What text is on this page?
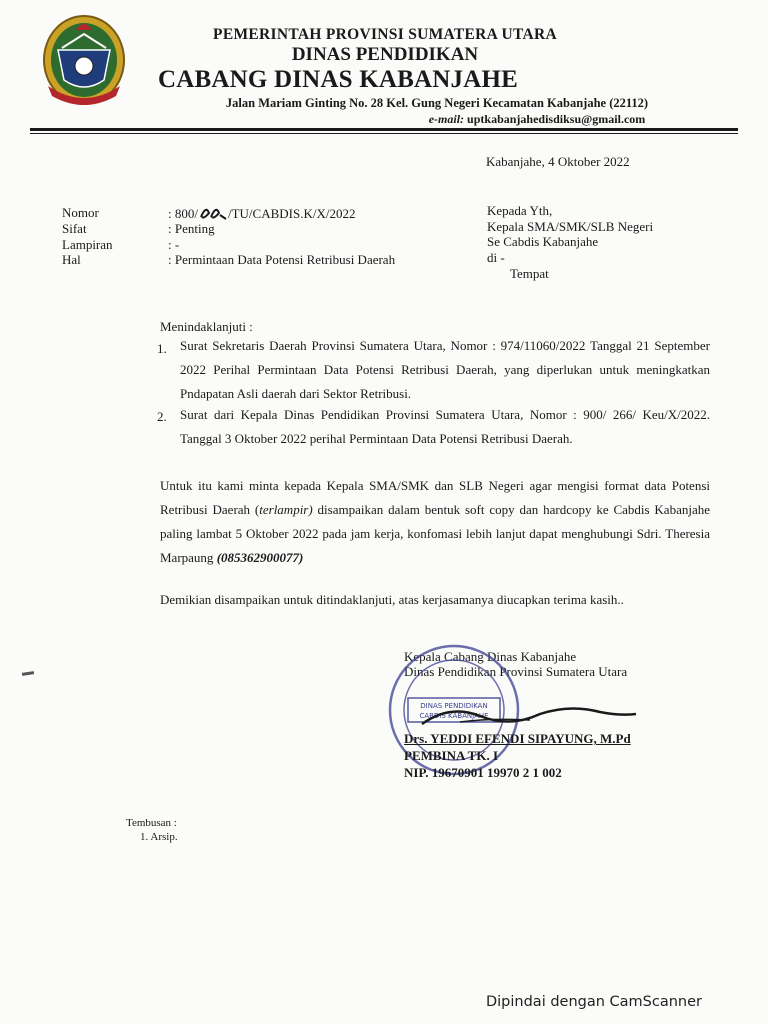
PEMERINTAH PROVINSI SUMATERA UTARA
DINAS PENDIDIKAN
CABANG DINAS KABANJAHE
Jalan Mariam Ginting No. 28 Kel. Gung Negeri Kecamatan Kabanjahe (22112)
e-mail: uptkabanjahedisdiksu@gmail.com
Kabanjahe, 4 Oktober 2022
Nomor	: 800/ /TU/CABDIS.K/X/2022
Sifat	: Penting
Lampiran	: -
Hal	: Permintaan Data Potensi Retribusi Daerah
Kepada Yth,
Kepala SMA/SMK/SLB Negeri
Se Cabdis Kabanjahe
di -
Tempat
Menindaklanjuti :
1. Surat Sekretaris Daerah Provinsi Sumatera Utara, Nomor : 974/11060/2022 Tanggal 21 September 2022 Perihal Permintaan Data Potensi Retribusi Daerah, yang diperlukan untuk meningkatkan Pndapatan Asli daerah dari Sektor Retribusi.
2. Surat dari Kepala Dinas Pendidikan Provinsi Sumatera Utara, Nomor : 900/ 266/ Keu/X/2022. Tanggal 3 Oktober 2022 perihal Permintaan Data Potensi Retribusi Daerah.
Untuk itu kami minta kepada Kepala SMA/SMK dan SLB Negeri agar mengisi format data Potensi Retribusi Daerah (terlampir) disampaikan dalam bentuk soft copy dan hardcopy ke Cabdis Kabanjahe paling lambat 5 Oktober 2022 pada jam kerja, konfomasi lebih lanjut dapat menghubungi Sdri. Theresia Marpaung (085362900077)
Demikian disampaikan untuk ditindaklanjuti, atas kerjasamanya diucapkan terima kasih..
Kepala Cabang Dinas Kabanjahe
Dinas Pendidikan Provinsi Sumatera Utara
DINAS PENDIDIKAN
CABDIS KABANJAHE
Drs. YEDDI EFENDI SIPAYUNG, M.Pd
PEMBINA TK. I
NIP. 19670901 19970 2 1 002
Tembusan :
1. Arsip.
Dipindai dengan CamScanner
